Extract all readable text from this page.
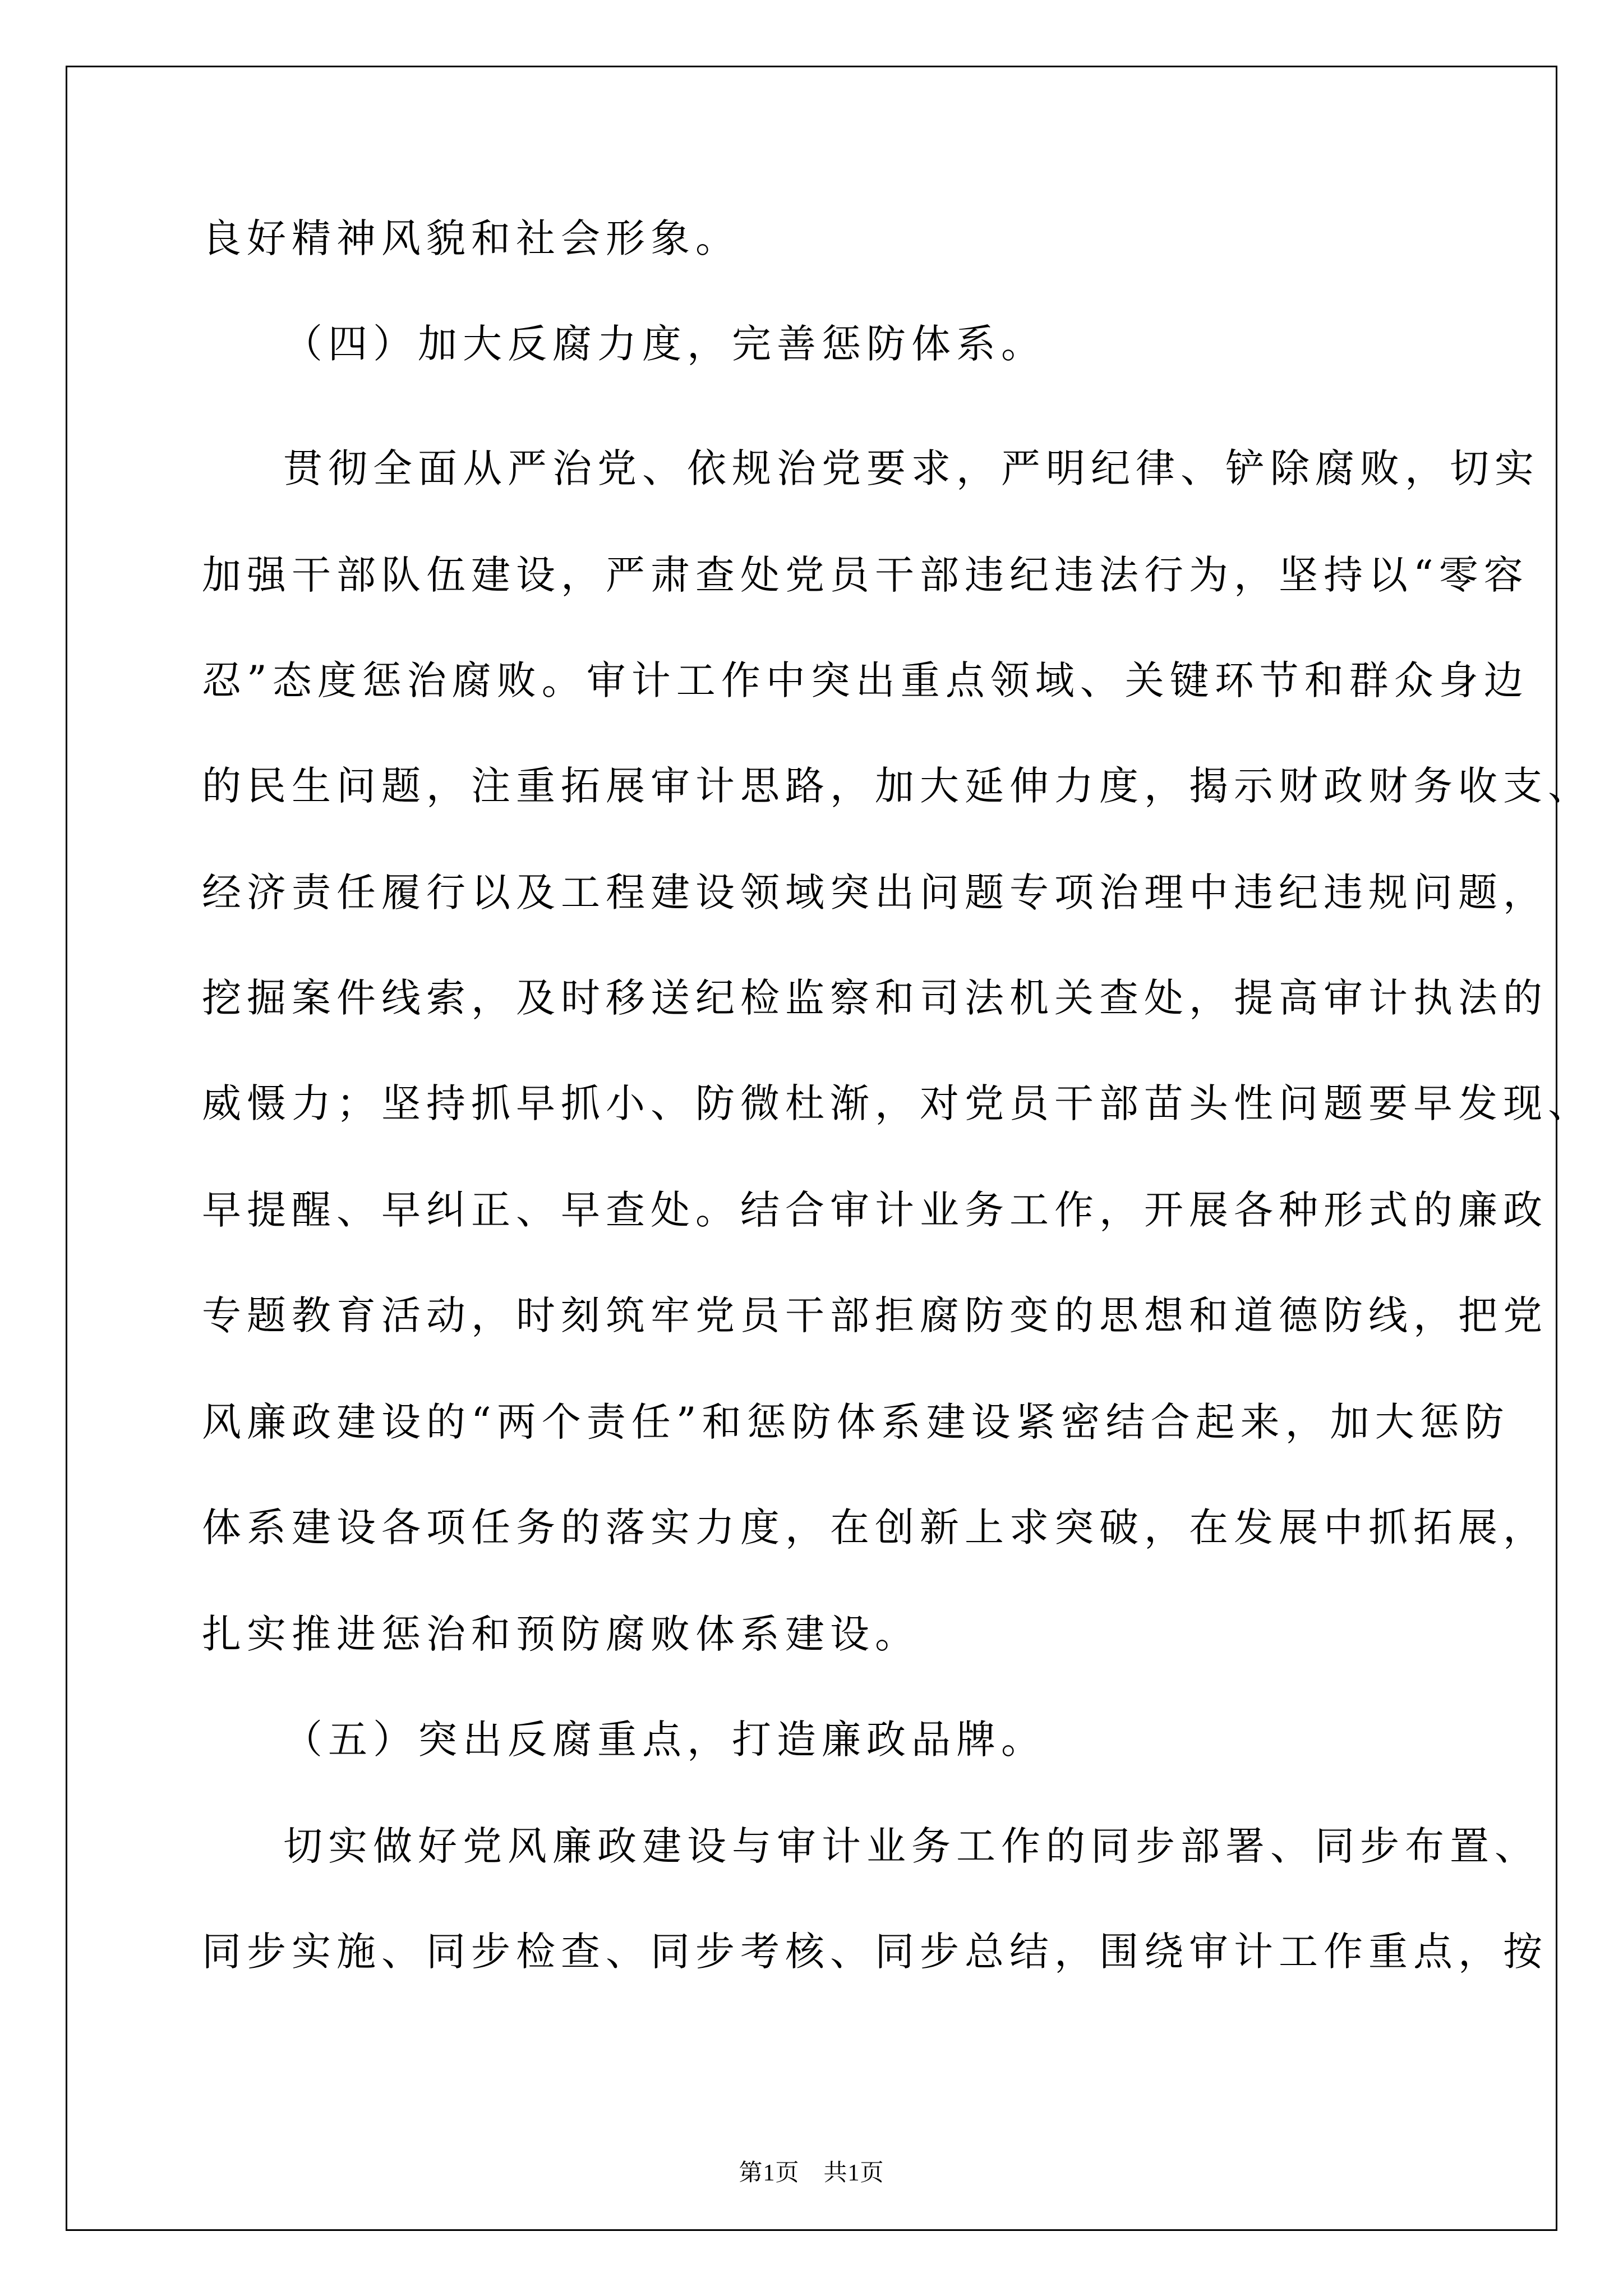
良好精神风貌和社会形象。

（四）加大反腐力度，完善惩防体系。

贯彻全面从严治党、依规治党要求，严明纪律、铲除腐败，切实

加强干部队伍建设，严肃查处党员干部违纪违法行为，坚持以“零容

忍”态度惩治腐败。审计工作中突出重点领域、关键环节和群众身边

的民生问题，注重拓展审计思路，加大延伸力度，揭示财政财务收支、

经济责任履行以及工程建设领域突出问题专项治理中违纪违规问题，

挖掘案件线索，及时移送纪检监察和司法机关查处，提高审计执法的

威慑力；坚持抓早抓小、防微杜渐，对党员干部苗头性问题要早发现、

早提醒、早纠正、早查处。结合审计业务工作，开展各种形式的廉政

专题教育活动，时刻筑牢党员干部拒腐防变的思想和道德防线，把党

风廉政建设的“两个责任”和惩防体系建设紧密结合起来，加大惩防

体系建设各项任务的落实力度，在创新上求突破，在发展中抓拓展，

扎实推进惩治和预防腐败体系建设。

（五）突出反腐重点，打造廉政品牌。

切实做好党风廉政建设与审计业务工作的同步部署、同步布置、

同步实施、同步检查、同步考核、同步总结，围绕审计工作重点，按

第1页　共1页
